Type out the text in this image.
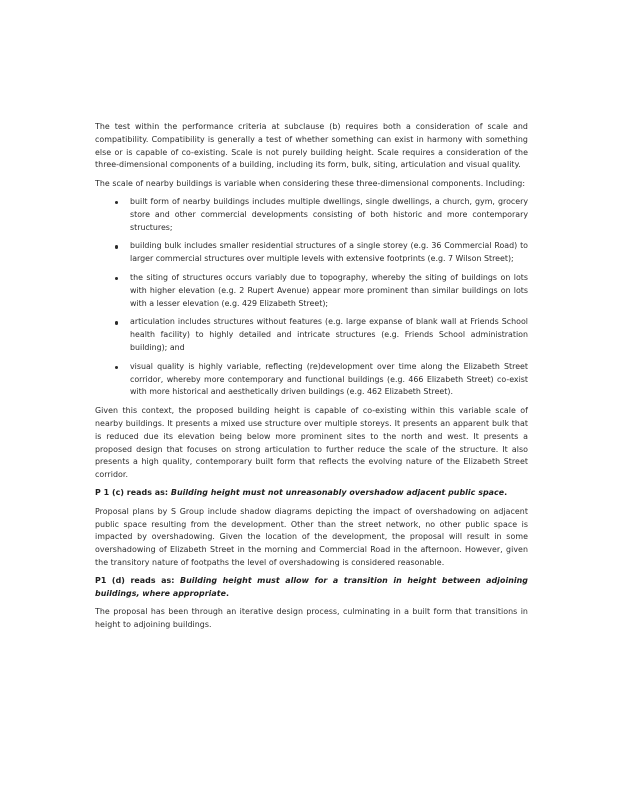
The test within the performance criteria at subclause (b) requires both a consideration of scale and compatibility. Compatibility is generally a test of whether something can exist in harmony with something else or is capable of co-existing. Scale is not purely building height. Scale requires a consideration of the three-dimensional components of a building, including its form, bulk, siting, articulation and visual quality.

The scale of nearby buildings is variable when considering these three-dimensional components. Including:

built form of nearby buildings includes multiple dwellings, single dwellings, a church, gym, grocery store and other commercial developments consisting of both historic and more contemporary structures;
building bulk includes smaller residential structures of a single storey (e.g. 36 Commercial Road) to larger commercial structures over multiple levels with extensive footprints (e.g. 7 Wilson Street);
the siting of structures occurs variably due to topography, whereby the siting of buildings on lots with higher elevation (e.g. 2 Rupert Avenue) appear more prominent than similar buildings on lots with a lesser elevation (e.g. 429 Elizabeth Street);
articulation includes structures without features (e.g. large expanse of blank wall at Friends School health facility) to highly detailed and intricate structures (e.g. Friends School administration building); and
visual quality is highly variable, reflecting (re)development over time along the Elizabeth Street corridor, whereby more contemporary and functional buildings (e.g. 466 Elizabeth Street) co-exist with more historical and aesthetically driven buildings (e.g. 462 Elizabeth Street).

Given this context, the proposed building height is capable of co-existing within this variable scale of nearby buildings. It presents a mixed use structure over multiple storeys. It presents an apparent bulk that is reduced due its elevation being below more prominent sites to the north and west. It presents a proposed design that focuses on strong articulation to further reduce the scale of the structure. It also presents a high quality, contemporary built form that reflects the evolving nature of the Elizabeth Street corridor.

P 1 (c) reads as: Building height must not unreasonably overshadow adjacent public space.

Proposal plans by S Group include shadow diagrams depicting the impact of overshadowing on adjacent public space resulting from the development. Other than the street network, no other public space is impacted by overshadowing. Given the location of the development, the proposal will result in some overshadowing of Elizabeth Street in the morning and Commercial Road in the afternoon. However, given the transitory nature of footpaths the level of overshadowing is considered reasonable.

P1 (d) reads as: Building height must allow for a transition in height between adjoining buildings, where appropriate.

The proposal has been through an iterative design process, culminating in a built form that transitions in height to adjoining buildings.
